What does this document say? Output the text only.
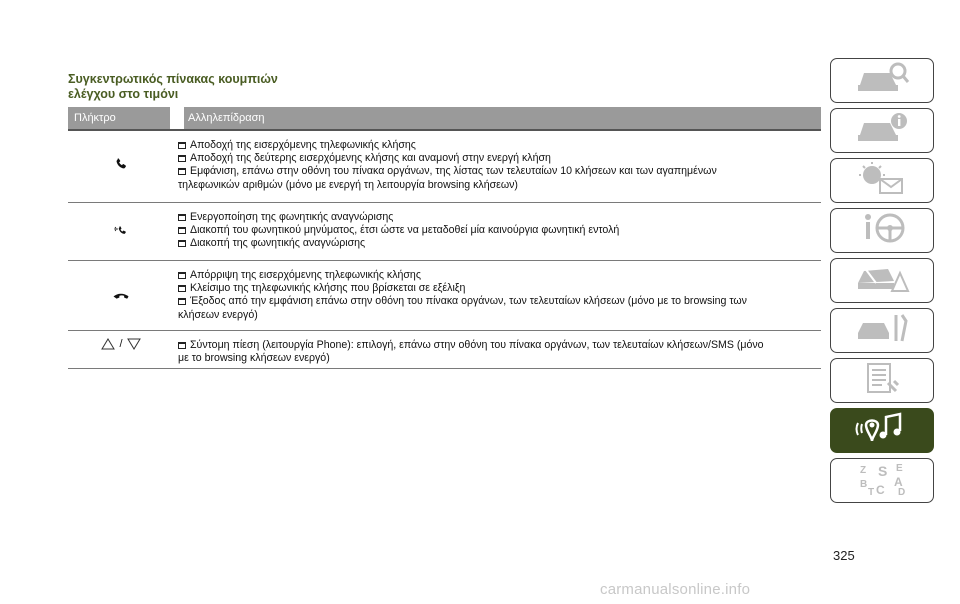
Συγκεντρωτικός πίνακας κουμπιών
ελέγχου στο τιμόνι
Πλήκτρο	Αλληλεπίδραση
Αποδοχή της εισερχόμενης τηλεφωνικής κλήσης
Αποδοχή της δεύτερης εισερχόμενης κλήσης και αναμονή στην ενεργή κλήση
Εμφάνιση, επάνω στην οθόνη του πίνακα οργάνων, της λίστας των τελευταίων 10 κλήσεων και των αγαπημένων
τηλεφωνικών αριθμών (μόνο με ενεργή τη λειτουργία browsing κλήσεων)
Ενεργοποίηση της φωνητικής αναγνώρισης
Διακοπή του φωνητικού μηνύματος, έτσι ώστε να μεταδοθεί μία καινούργια φωνητική εντολή
Διακοπή της φωνητικής αναγνώρισης
Απόρριψη της εισερχόμενης τηλεφωνικής κλήσης
Κλείσιμο της τηλεφωνικής κλήσης που βρίσκεται σε εξέλιξη
Έξοδος από την εμφάνιση επάνω στην οθόνη του πίνακα οργάνων, των τελευταίων κλήσεων (μόνο με το browsing των
κλήσεων ενεργό)
/	Σύντομη πίεση (λειτουργία Phone): επιλογή, επάνω στην οθόνη του πίνακα οργάνων, των τελευταίων κλήσεων/SMS (μόνο
με το browsing κλήσεων ενεργό)
Z S E
A
B C D
T
325
carmanualsonline.info
